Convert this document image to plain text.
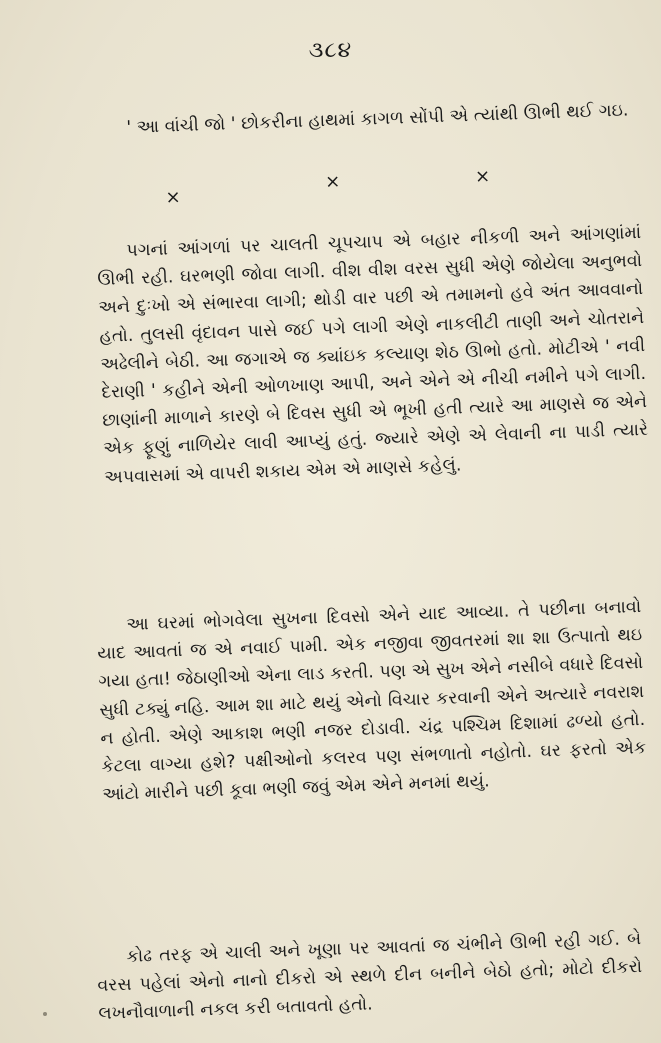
૩૮૪

' આ વાંચી જો ' છોકરીના હાથમાં કાગળ સોંપી એ ત્યાંથી ઊભી થઈ ગઇ.

×
×	×

પગનાં આંગળાં પર ચાલતી ચૂપચાપ એ બહાર નીકળી અને આંગણાંમાં ઊભી રહી. ઘરભણી જોવા લાગી. વીશ વીશ વરસ સુધી એણે જોયેલા અનુભવો અને દુઃખો એ સંભારવા લાગી; થોડી વાર પછી એ તમામનો હવે અંત આવવાનો હતો. તુલસી વૃંદાવન પાસે જઈ પગે લાગી એણે નાકલીટી તાણી અને ચોતરાને અઢેલીને બેઠી. આ જગાએ જ ક્યાંઇક કલ્યાણ શેઠ ઊભો હતો. મોટીએ ' નવી દેરાણી ' કહીને એની ઓળખાણ આપી, અને એને એ નીચી નમીને પગે લાગી. છાણાંની માળાને કારણે બે દિવસ સુધી એ ભૂખી હતી ત્યારે આ માણસે જ એને એક ફૂણું નાળિયેર લાવી આપ્યું હતું. જ્યારે એણે એ લેવાની ના પાડી ત્યારે અપવાસમાં એ વાપરી શકાય એમ એ માણસે કહેલું.

આ ઘરમાં ભોગવેલા સુખના દિવસો એને યાદ આવ્યા. તે પછીના બનાવો યાદ આવતાં જ એ નવાઈ પામી. એક નજીવા જીવતરમાં શા શા ઉત્પાતો થઇ ગયા હતા! જેઠાણીઓ એના લાડ કરતી. પણ એ સુખ એને નસીબે વધારે દિવસો સુધી ટક્યું નહિ. આમ શા માટે થયું એનો વિચાર કરવાની એને અત્યારે નવરાશ ન હોતી. એણે આકાશ ભણી નજર દોડાવી. ચંદ્ર પશ્ચિમ દિશામાં ઢળ્યો હતો. કેટલા વાગ્યા હશે? પક્ષીઓનો કલરવ પણ સંભળાતો નહોતો. ઘર ફરતો એક આંટો મારીને પછી કૂવા ભણી જવું એમ એને મનમાં થયું.

કોઢ તરફ એ ચાલી અને ખૂણા પર આવતાં જ ચંભીને ઊભી રહી ગઈ. બે વરસ પહેલાં એનો નાનો દીકરો એ સ્થળે દીન બનીને બેઠો હતો; મોટો દીકરો લખનૌવાળાની નકલ કરી બતાવતો હતો.
